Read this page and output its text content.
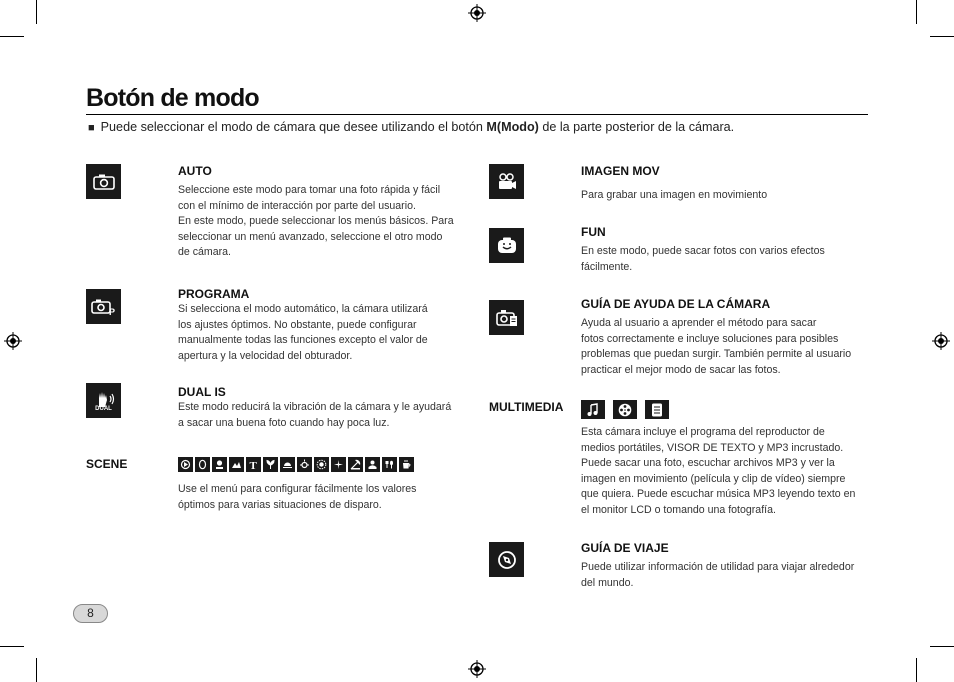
Botón de modo
■ Puede seleccionar el modo de cámara que desee utilizando el botón M(Modo) de la parte posterior de la cámara.
AUTO
Seleccione este modo para tomar una foto rápida y fácil
con el mínimo de interacción por parte del usuario.
En este modo, puede seleccionar los menús básicos. Para
seleccionar un menú avanzado, seleccione el otro modo
de cámara.
P
PROGRAMA
Si selecciona el modo automático, la cámara utilizará
los ajustes óptimos. No obstante, puede configurar
manualmente todas las funciones excepto el valor de
apertura y la velocidad del obturador.
DUAL
DUAL IS
Este modo reducirá la vibración de la cámara y le ayudará
a sacar una buena foto cuando hay poca luz.
SCENE	T
Use el menú para configurar fácilmente los valores
óptimos para varias situaciones de disparo.
IMAGEN MOV
Para grabar una imagen en movimiento
FUN
En este modo, puede sacar fotos con varios efectos
fácilmente.
GUÍA DE AYUDA DE LA CÁMARA
Ayuda al usuario a aprender el método para sacar
fotos correctamente e incluye soluciones para posibles
problemas que puedan surgir. También permite al usuario
practicar el mejor modo de sacar las fotos.
MULTIMEDIA
Esta cámara incluye el programa del reproductor de
medios portátiles, VISOR DE TEXTO y MP3 incrustado.
Puede sacar una foto, escuchar archivos MP3 y ver la
imagen en movimiento (película y clip de vídeo) siempre
que quiera. Puede escuchar música MP3 leyendo texto en
el monitor LCD o tomando una fotografía.
GUÍA DE VIAJE
Puede utilizar información de utilidad para viajar alrededor
del mundo.
8
